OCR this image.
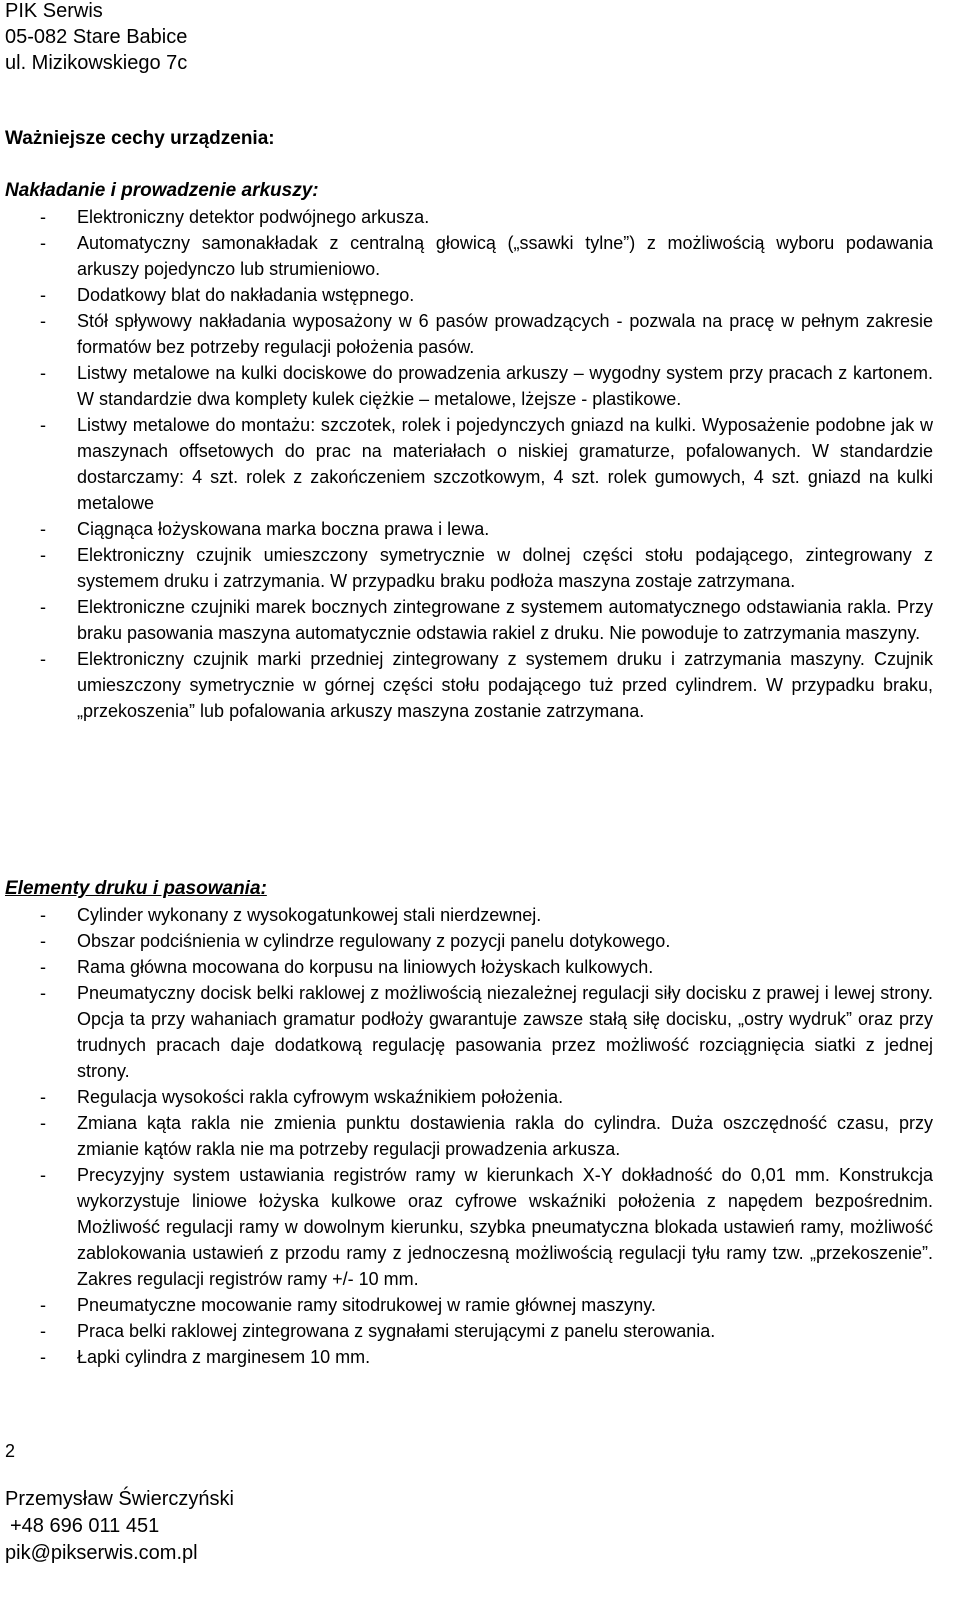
PIK Serwis
05-082 Stare Babice
ul. Mizikowskiego 7c
Ważniejsze cechy urządzenia:
Nakładanie i prowadzenie arkuszy:
- Elektroniczny detektor podwójnego arkusza.
- Automatyczny samonakładak z centralną głowicą („ssawki tylne”) z możliwością wyboru podawania arkuszy pojedynczo lub strumieniowo.
- Dodatkowy blat do nakładania wstępnego.
- Stół spływowy nakładania wyposażony w 6 pasów prowadzących - pozwala na pracę w pełnym zakresie formatów bez potrzeby regulacji położenia pasów.
- Listwy metalowe na kulki dociskowe do prowadzenia arkuszy – wygodny system przy pracach z kartonem. W standardzie dwa komplety kulek ciężkie – metalowe, lżejsze - plastikowe.
- Listwy metalowe do montażu: szczotek, rolek i pojedynczych gniazd na kulki. Wyposażenie podobne jak w maszynach offsetowych do prac na materiałach o niskiej gramaturze, pofalowanych. W standardzie dostarczamy: 4 szt. rolek z zakończeniem szczotkowym, 4 szt. rolek gumowych, 4 szt. gniazd na kulki metalowe
- Ciągnąca łożyskowana marka boczna prawa i lewa.
- Elektroniczny czujnik umieszczony symetrycznie w dolnej części stołu podającego, zintegrowany z systemem druku i zatrzymania. W przypadku braku podłoża maszyna zostaje zatrzymana.
- Elektroniczne czujniki marek bocznych zintegrowane z systemem automatycznego odstawiania rakla. Przy braku pasowania maszyna automatycznie odstawia rakiel z druku. Nie powoduje to zatrzymania maszyny.
- Elektroniczny czujnik marki przedniej zintegrowany z systemem druku i zatrzymania maszyny. Czujnik umieszczony symetrycznie w górnej części stołu podającego tuż przed cylindrem. W przypadku braku, „przekoszenia” lub pofalowania arkuszy maszyna zostanie zatrzymana.
Elementy druku i pasowania:
- Cylinder wykonany z wysokogatunkowej stali nierdzewnej.
- Obszar podciśnienia w cylindrze regulowany z pozycji panelu dotykowego.
- Rama główna mocowana do korpusu na liniowych łożyskach kulkowych.
- Pneumatyczny docisk belki raklowej z możliwością niezależnej regulacji siły docisku z prawej i lewej strony. Opcja ta przy wahaniach gramatur podłoży gwarantuje zawsze stałą siłę docisku, „ostry wydruk” oraz przy trudnych pracach daje dodatkową regulację pasowania przez możliwość rozciągnięcia siatki z jednej strony.
- Regulacja wysokości rakla cyfrowym wskaźnikiem położenia.
- Zmiana kąta rakla nie zmienia punktu dostawienia rakla do cylindra. Duża oszczędność czasu, przy zmianie kątów rakla nie ma potrzeby regulacji prowadzenia arkusza.
- Precyzyjny system ustawiania registrów ramy w kierunkach X-Y dokładność do 0,01 mm. Konstrukcja wykorzystuje liniowe łożyska kulkowe oraz cyfrowe wskaźniki położenia z napędem bezpośrednim. Możliwość regulacji ramy w dowolnym kierunku, szybka pneumatyczna blokada ustawień ramy, możliwość zablokowania ustawień z przodu ramy z jednoczesną możliwością regulacji tyłu ramy tzw. „przekoszenie”. Zakres regulacji registrów ramy +/- 10 mm.
- Pneumatyczne mocowanie ramy sitodrukowej w ramie głównej maszyny.
- Praca belki raklowej zintegrowana z sygnałami sterującymi z panelu sterowania.
- Łapki cylindra z marginesem 10 mm.
2
Przemysław Świerczyński
+48 696 011 451
pik@pikserwis.com.pl
